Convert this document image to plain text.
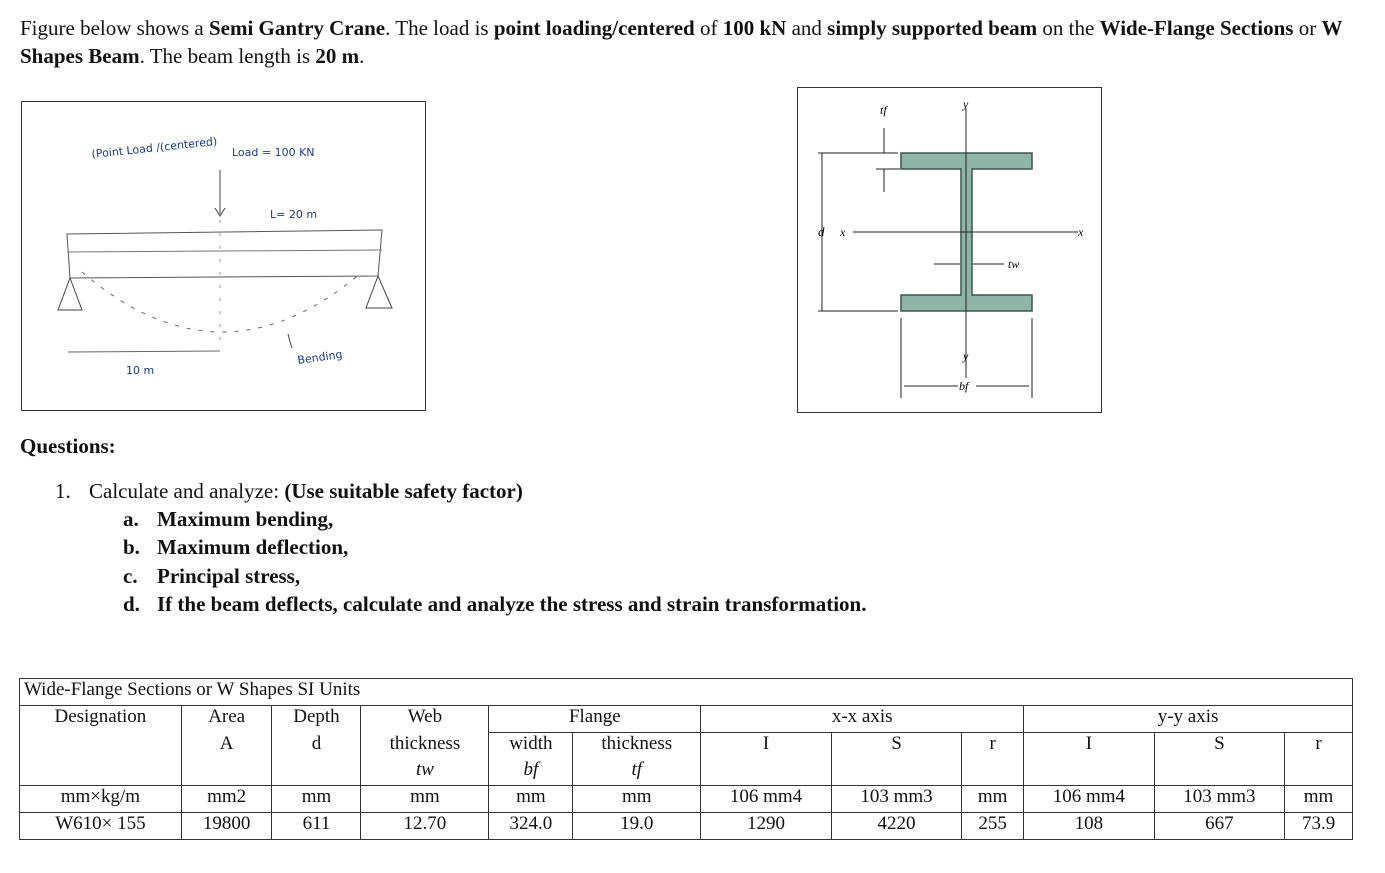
Figure below shows a Semi Gantry Crane. The load is point loading/centered of 100 kN and simply supported beam on the Wide-Flange Sections or W Shapes Beam. The beam length is 20 m.
(Point Load /(centered) Load = 100 KN
L= 20 m
10 m
Bending
y
x	x
y
d
tf
tw
bf
Questions:
1. Calculate and analyze: (Use suitable safety factor)
a. Maximum bending,
b. Maximum deflection,
c. Principal stress,
d. If the beam deflects, calculate and analyze the stress and strain transformation.
Wide-Flange Sections or W Shapes SI Units											
Designation	Area	Depth	Web	Flange		x-x axis			y-y axis		
	A	d	thickness	width	thickness	I	S	r	I	S	r
			tw	bf	tf						
mm×kg/m	mm2	mm	mm	mm	mm	106 mm4	103 mm3	mm	106 mm4	103 mm3	mm
W610× 155	19800	611	12.70	324.0	19.0	1290	4220	255	108	667	73.9
